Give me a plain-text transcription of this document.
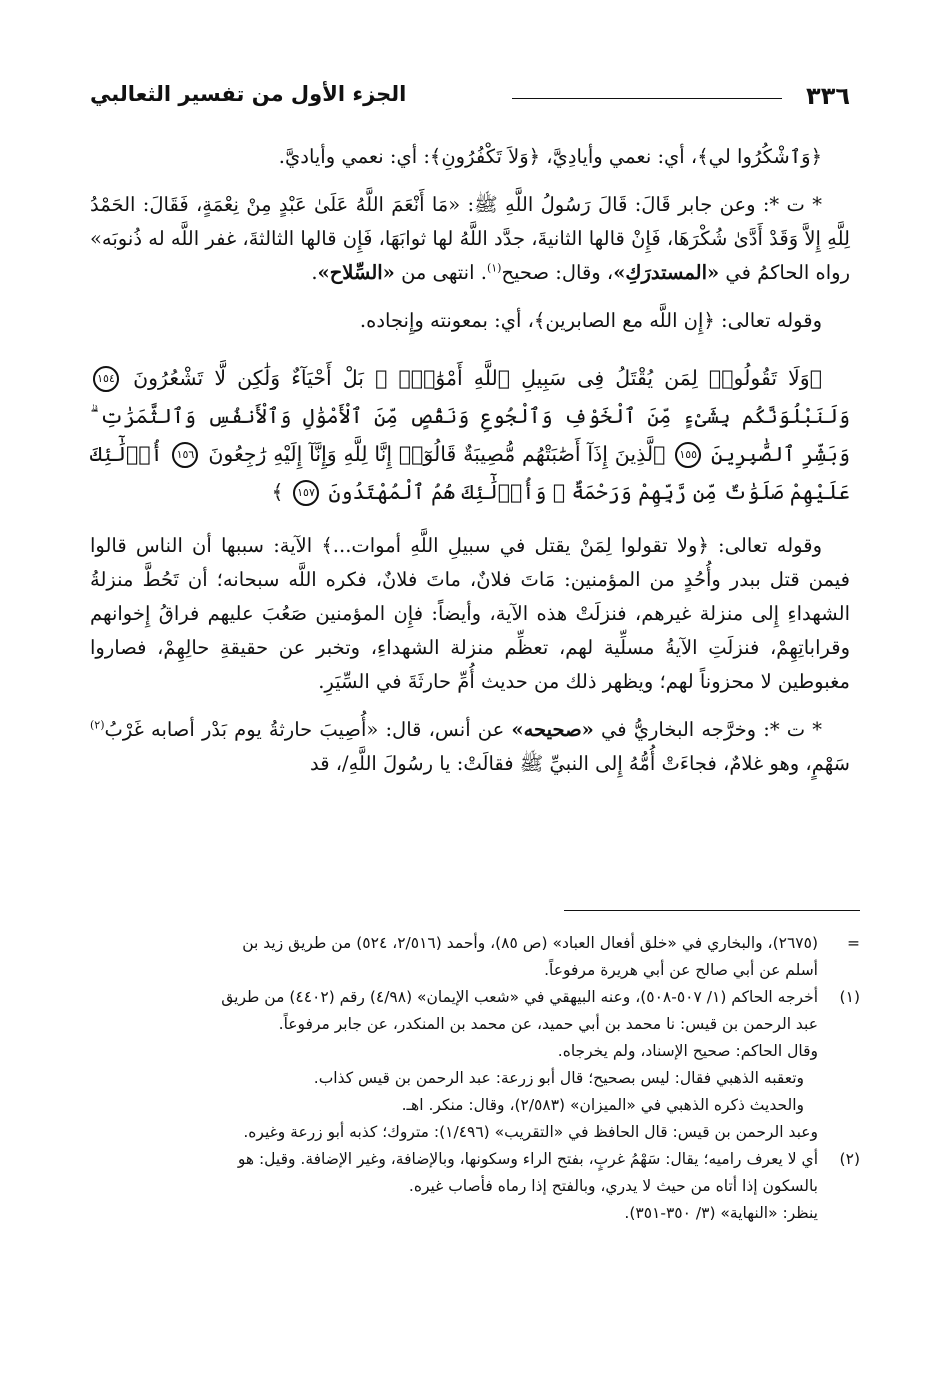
٣٣٦
الجزء الأول من تفسير الثعالبي

﴿وَٱشْكُرُوا لي﴾، أي: نعمي وأيادِيَّ، ﴿وَلاَ تَكْفُرُونِ﴾: أي: نعمي وأياديَّ.

* ت *: وعن جابر قَالَ: قَالَ رَسُولُ اللَّهِ ﷺ: «مَا أَنْعَمَ اللَّهُ عَلَىٰ عَبْدٍ مِنْ نِعْمَةٍ، فَقَالَ: الحَمْدُ لِلَّهِ إِلاَّ وَقَدْ أَدَّىٰ شُكْرَهَا، فَإِنْ قالها الثانيةَ، جدَّد اللَّهُ لها ثوابَهَا، فَإِن قالها الثالثةَ، غفر اللَّه له ذُنوبَه» رواه الحاكمُ في «المستدرَكِ»، وقال: صحيح$^{(١)}$. انتهى من «السِّلاح».

وقوله تعالى: ﴿إِن اللَّه مع الصابرين﴾، أي: بمعونته وإِنجاده.

﴿وَلَا تَقُولُوا۟ لِمَن يُقْتَلُ فِى سَبِيلِ ٱللَّهِ أَمْوَٰتٌۢ ۚ بَلْ أَحْيَآءٌ وَلَٰكِن لَّا تَشْعُرُونَ ١٥٤ وَلَنَبْلُوَنَّكُم بِشَىْءٍ مِّنَ ٱلْخَوْفِ وَٱلْجُوعِ وَنَقْصٍ مِّنَ ٱلْأَمْوَٰلِ وَٱلْأَنفُسِ وَٱلثَّمَرَٰتِ ۗ وَبَشِّرِ ٱلصَّٰبِرِينَ ١٥٥ ٱلَّذِينَ إِذَآ أَصَٰبَتْهُم مُّصِيبَةٌ قَالُوٓا۟ إِنَّا لِلَّهِ وَإِنَّآ إِلَيْهِ رَٰجِعُونَ ١٥٦ أُو۟لَٰٓئِكَ عَلَيْهِمْ صَلَوَٰتٌ مِّن رَّبِّهِمْ وَرَحْمَةٌ ۖ وَأُو۟لَٰٓئِكَ هُمُ ٱلْمُهْتَدُونَ ١٥٧ ﴾

وقوله تعالى: ﴿ولا تقولوا لِمَنْ يقتل في سبيلِ اللَّهِ أموات...﴾ الآية: سببها أن الناس قالوا فيمن قتل ببدر وأُحُدٍ من المؤمنين: مَاتَ فلانٌ، ماتَ فلانٌ، فكره اللَّه سبحانه؛ أن تَحُطَّ منزلةُ الشهداءِ إِلى منزلة غيرهم، فنزلَتْ هذه الآية، وأيضاً: فإِن المؤمنين صَعُبَ عليهم فراقُ إِخوانهم وقراباتِهِمْ، فنزلَتِ الآيةُ مسلِّية لهم، تعظِّم منزلة الشهداءِ، وتخبر عن حقيقةِ حالِهِمْ، فصاروا مغبوطين لا محزوناً لهم؛ ويظهر ذلك من حديث أُمِّ حارثَةَ في السِّيَرِ.

* ت *: وخرَّجه البخاريُّ في «صحيحه» عن أنس، قال: «أُصِيبَ حارثةُ يوم بَدْر أصابه غَرْبُ$^{(٢)}$ سَهْمٍ، وهو غلامٌ، فجاءَتْ أُمُّهُ إِلى النبيِّ ﷺ فقالَتْ: يا رسُولَ اللَّهِ/، قد

=
(٢٦٧٥)، والبخاري في «خلق أفعال العباد» (ص ٨٥)، وأحمد (٢/٥١٦، ٥٢٤) من طريق زيد بن
أسلم عن أبي صالح عن أبي هريرة مرفوعاً.
(١)
أخرجه الحاكم (١/ ٥٠٧-٥٠٨)، وعنه البيهقي في «شعب الإيمان» (٤/٩٨) رقم (٤٤٠٢) من طريق
عبد الرحمن بن قيس: نا محمد بن أبي حميد، عن محمد بن المنكدر، عن جابر مرفوعاً.
وقال الحاكم: صحيح الإسناد، ولم يخرجاه.
وتعقبه الذهبي فقال: ليس بصحيح؛ قال أبو زرعة: عبد الرحمن بن قيس كذاب.
والحديث ذكره الذهبي في «الميزان» (٢/٥٨٣)، وقال: منكر. اهـ.
وعبد الرحمن بن قيس: قال الحافظ في «التقريب» (١/٤٩٦): متروك؛ كذبه أبو زرعة وغيره.
(٢)
أي لا يعرف راميه؛ يقال: سَهْمُ غربٍ، بفتح الراء وسكونها، وبالإضافة، وغير الإضافة. وقيل: هو
بالسكون إذا أتاه من حيث لا يدري، وبالفتح إذا رماه فأصاب غيره.
ينظر: «النهاية» (٣/ ٣٥٠-٣٥١).
